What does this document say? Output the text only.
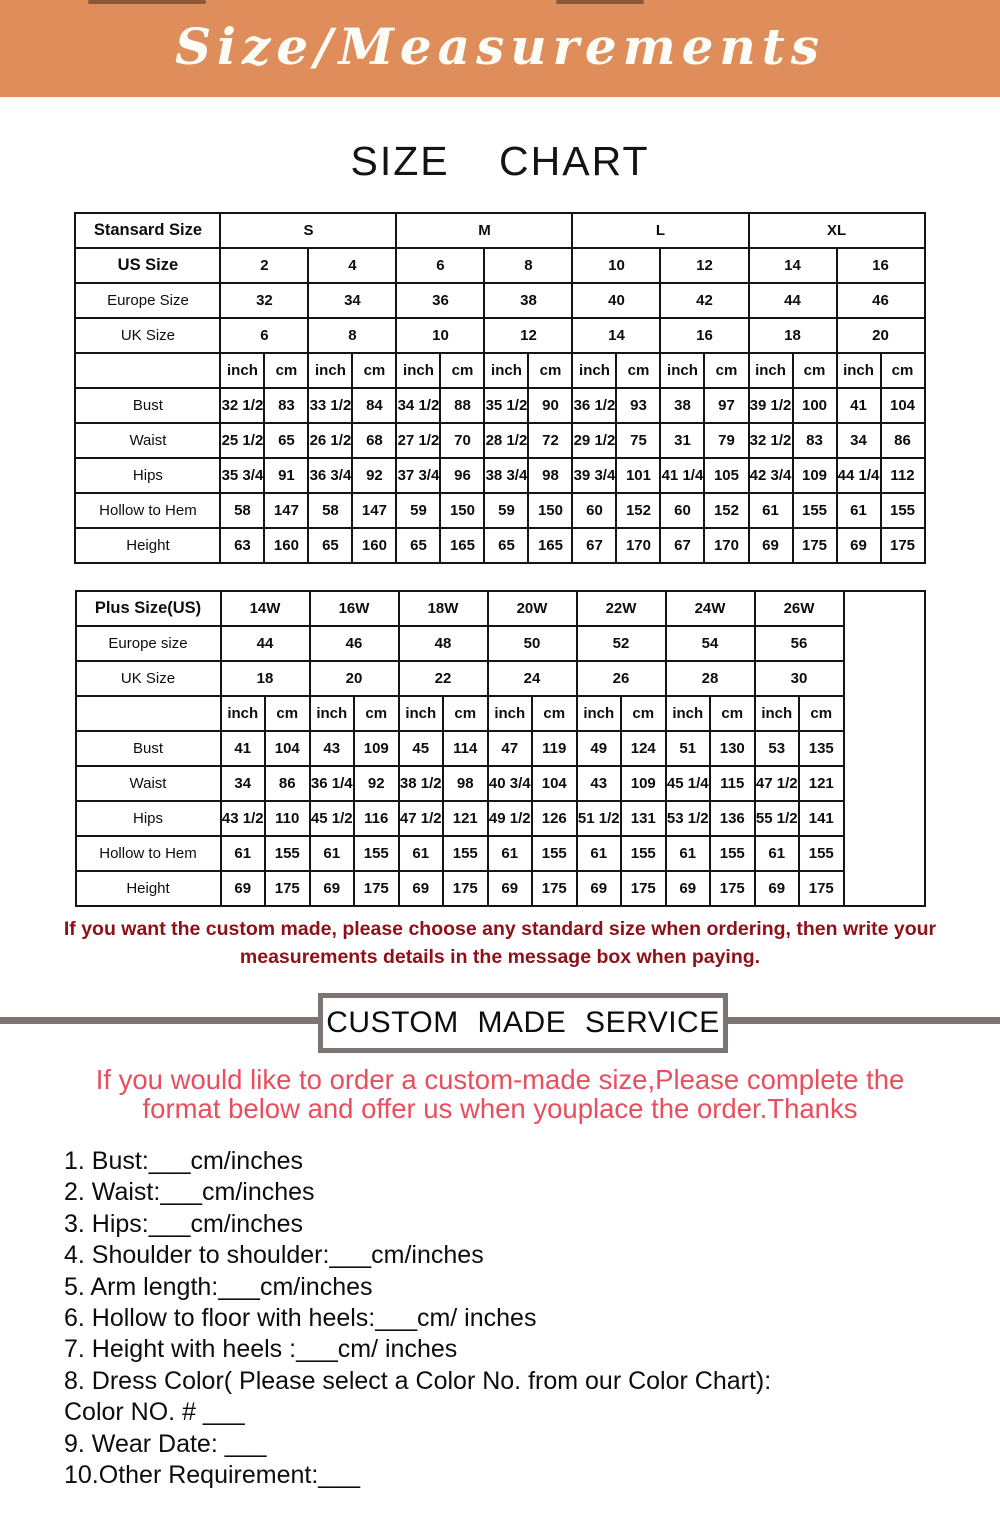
Size/Measurements
SIZE CHART
Stansard Size	S				M				L				XL			
US Size	2		4		6		8		10		12		14		16	
Europe Size	32		34		36		38		40		42		44		46	
UK Size	6		8		10		12		14		16		18		20	
	inch	cm	inch	cm	inch	cm	inch	cm	inch	cm	inch	cm	inch	cm	inch	cm
Bust	32 1/2	83	33 1/2	84	34 1/2	88	35 1/2	90	36 1/2	93	38	97	39 1/2	100	41	104
Waist	25 1/2	65	26 1/2	68	27 1/2	70	28 1/2	72	29 1/2	75	31	79	32 1/2	83	34	86
Hips	35 3/4	91	36 3/4	92	37 3/4	96	38 3/4	98	39 3/4	101	41 1/4	105	42 3/4	109	44 1/4	112
Hollow to Hem	58	147	58	147	59	150	59	150	60	152	60	152	61	155	61	155
Height	63	160	65	160	65	165	65	165	67	170	67	170	69	175	69	175
Plus Size(US)	14W		16W		18W		20W		22W		24W		26W		
Europe size	44		46		48		50		52		54		56		
UK Size	18		20		22		24		26		28		30		
	inch	cm	inch	cm	inch	cm	inch	cm	inch	cm	inch	cm	inch	cm	
Bust	41	104	43	109	45	114	47	119	49	124	51	130	53	135	
Waist	34	86	36 1/4	92	38 1/2	98	40 3/4	104	43	109	45 1/4	115	47 1/2	121	
Hips	43 1/2	110	45 1/2	116	47 1/2	121	49 1/2	126	51 1/2	131	53 1/2	136	55 1/2	141	
Hollow to Hem	61	155	61	155	61	155	61	155	61	155	61	155	61	155	
Height	69	175	69	175	69	175	69	175	69	175	69	175	69	175	

If you want the custom made, please choose any standard size when ordering, then write your
measurements details in the message box when paying.

CUSTOM MADE SERVICE

If you would like to order a custom-made size,Please complete the
format below and offer us when youplace the order.Thanks

1. Bust:___cm/inches
2. Waist:___cm/inches
3. Hips:___cm/inches
4. Shoulder to shoulder:___cm/inches
5. Arm length:___cm/inches
6. Hollow to floor with heels:___cm/ inches
7. Height with heels :___cm/ inches
8. Dress Color( Please select a Color No. from our Color Chart):
Color NO. # ___
9. Wear Date: ___
10.Other Requirement:___
